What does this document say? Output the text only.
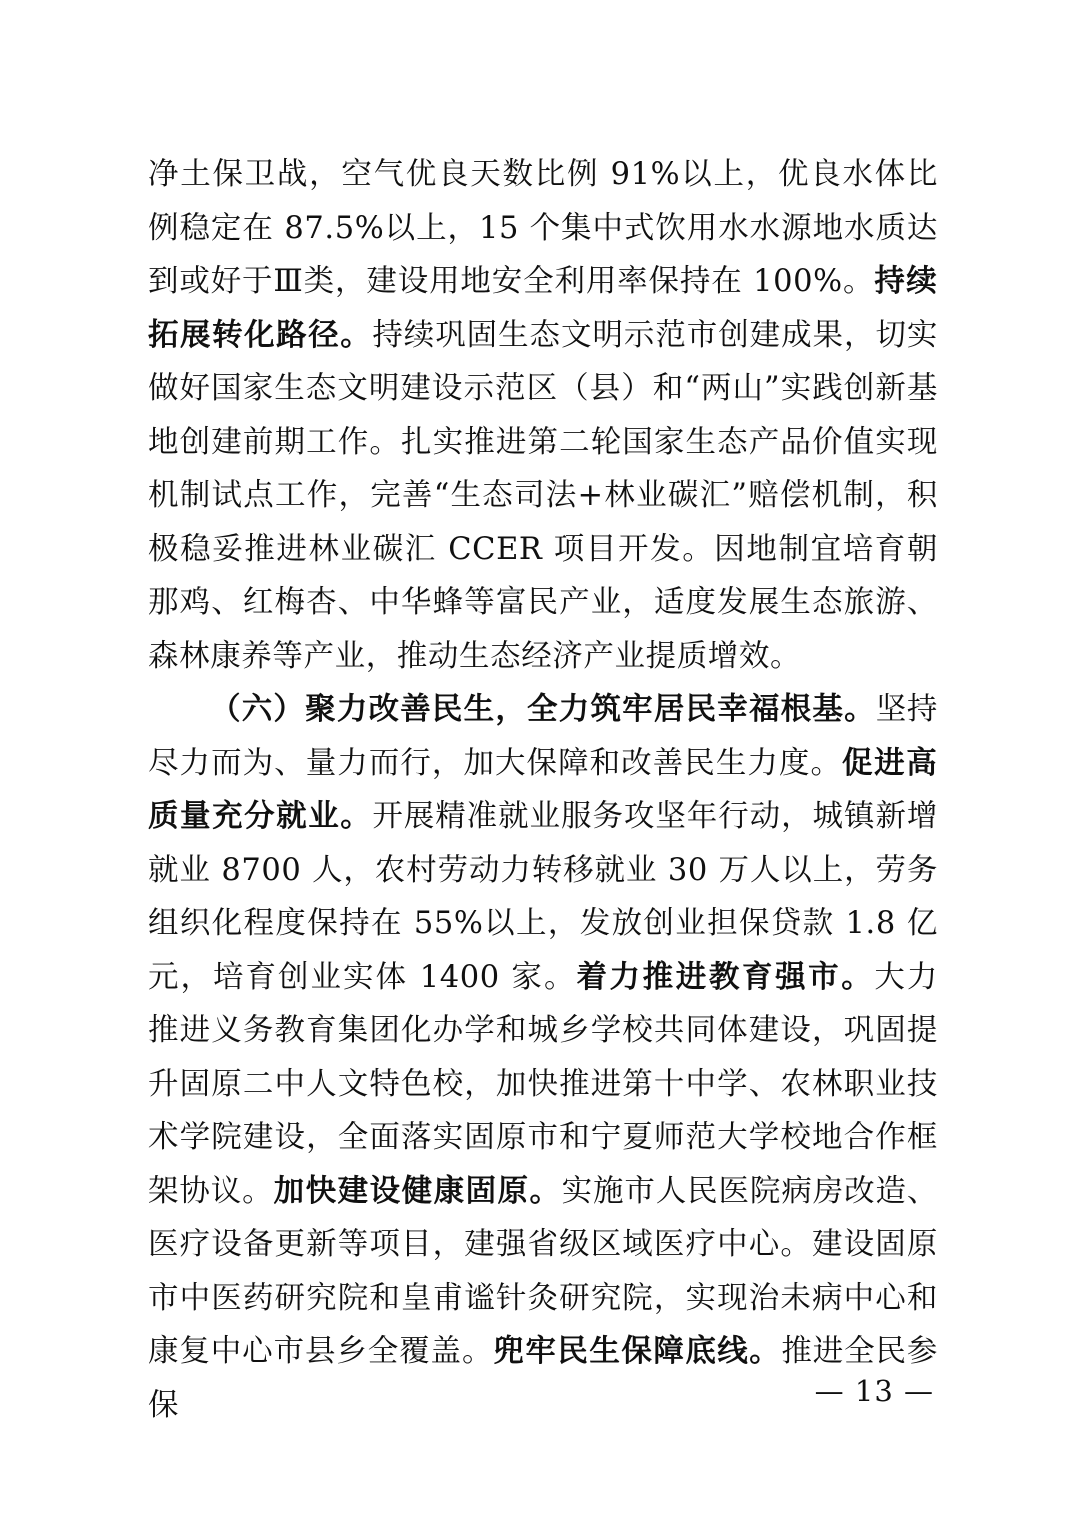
净土保卫战，空气优良天数比例 91%以上，优良水体比例稳定在 87.5%以上，15 个集中式饮用水水源地水质达到或好于Ⅲ类，建设用地安全利用率保持在 100%。持续拓展转化路径。持续巩固生态文明示范市创建成果，切实做好国家生态文明建设示范区（县）和“两山”实践创新基地创建前期工作。扎实推进第二轮国家生态产品价值实现机制试点工作，完善“生态司法+林业碳汇”赔偿机制，积极稳妥推进林业碳汇 CCER 项目开发。因地制宜培育朝那鸡、红梅杏、中华蜂等富民产业，适度发展生态旅游、森林康养等产业，推动生态经济产业提质增效。

（六）聚力改善民生，全力筑牢居民幸福根基。坚持尽力而为、量力而行，加大保障和改善民生力度。促进高质量充分就业。开展精准就业服务攻坚年行动，城镇新增就业 8700 人，农村劳动力转移就业 30 万人以上，劳务组织化程度保持在 55%以上，发放创业担保贷款 1.8 亿元，培育创业实体 1400 家。着力推进教育强市。大力推进义务教育集团化办学和城乡学校共同体建设，巩固提升固原二中人文特色校，加快推进第十中学、农林职业技术学院建设，全面落实固原市和宁夏师范大学校地合作框架协议。加快建设健康固原。实施市人民医院病房改造、医疗设备更新等项目，建强省级区域医疗中心。建设固原市中医药研究院和皇甫谧针灸研究院，实现治未病中心和康复中心市县乡全覆盖。兜牢民生保障底线。推进全民参保	— 13 —
